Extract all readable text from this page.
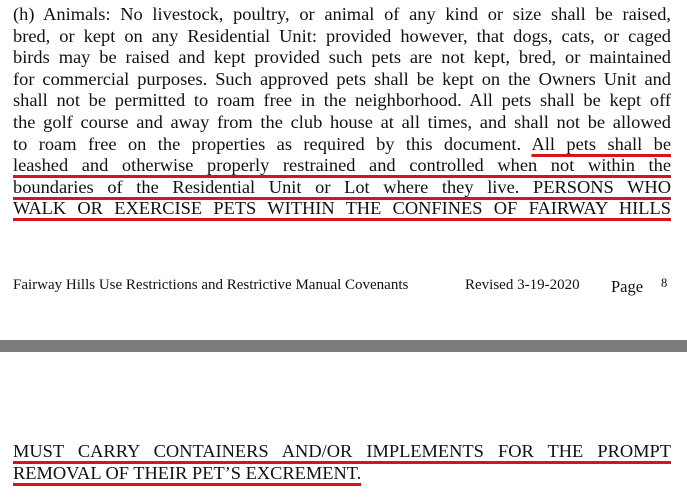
(h) Animals: No livestock, poultry, or animal of any kind or size shall be raised,
bred, or kept on any Residential Unit: provided however, that dogs, cats, or caged
birds may be raised and kept provided such pets are not kept, bred, or maintained
for commercial purposes. Such approved pets shall be kept on the Owners Unit and
shall not be permitted to roam free in the neighborhood. All pets shall be kept off
the golf course and away from the club house at all times, and shall not be allowed
to roam free on the properties as required by this document. All pets shall be
leashed and otherwise properly restrained and controlled when not within the
boundaries of the Residential Unit or Lot where they live. PERSONS WHO
WALK OR EXERCISE PETS WITHIN THE CONFINES OF FAIRWAY HILLS
Fairway Hills Use Restrictions and Restrictive Manual Covenants	Revised 3-19-2020 Page 8
MUST CARRY CONTAINERS AND/OR IMPLEMENTS FOR THE PROMPT
REMOVAL OF THEIR PET’S EXCREMENT.
